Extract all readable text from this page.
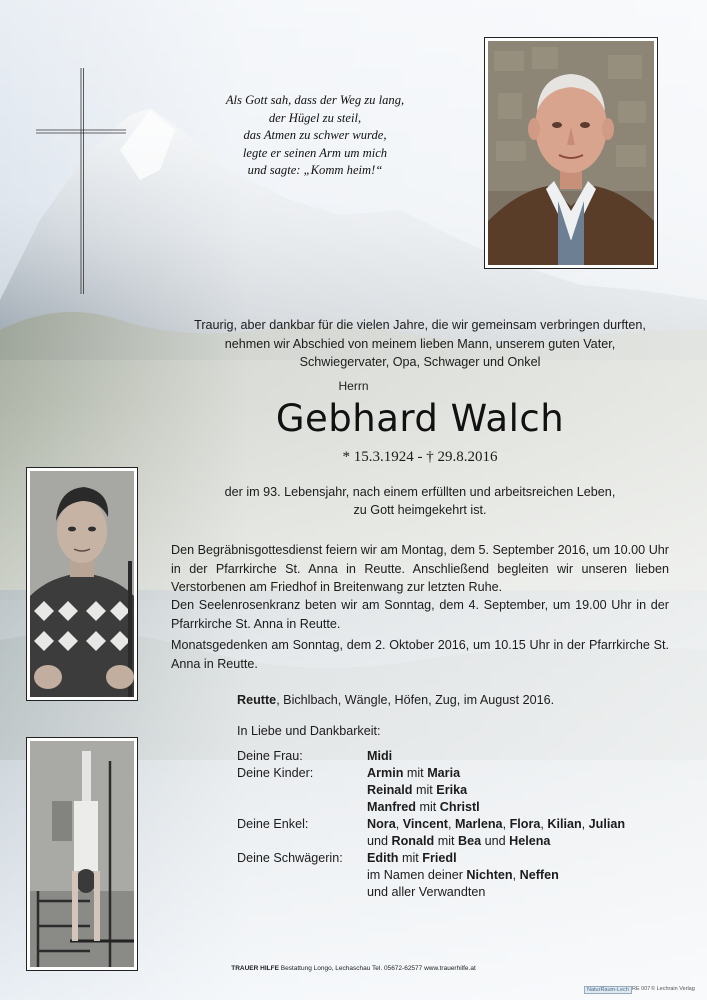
Als Gott sah, dass der Weg zu lang,
der Hügel zu steil,
das Atmen zu schwer wurde,
legte er seinen Arm um mich
und sagte: „Komm heim!“
Traurig, aber dankbar für die vielen Jahre, die wir gemeinsam verbringen durften,
nehmen wir Abschied von meinem lieben Mann, unserem guten Vater,
Schwiegervater, Opa, Schwager und Onkel
Herrn
Gebhard Walch
* 15.3.1924 - † 29.8.2016
der im 93. Lebensjahr, nach einem erfüllten und arbeitsreichen Leben,
zu Gott heimgekehrt ist.
Den Begräbnisgottesdienst feiern wir am Montag, dem 5. September 2016, um 10.00 Uhr in der Pfarrkirche St. Anna in Reutte. Anschließend begleiten wir unseren lieben Verstorbenen am Friedhof in Breitenwang zur letzten Ruhe.
Den Seelenrosenkranz beten wir am Sonntag, dem 4. September, um 19.00 Uhr in der Pfarrkirche St. Anna in Reutte.
Monatsgedenken am Sonntag, dem 2. Oktober 2016, um 10.15 Uhr in der Pfarrkirche St. Anna in Reutte.
Reutte, Bichlbach, Wängle, Höfen, Zug, im August 2016.
In Liebe und Dankbarkeit:
Deine Frau:	Midi
Deine Kinder:	Armin mit Maria
Reinald mit Erika
Manfred mit Christl
Deine Enkel:	Nora, Vincent, Marlena, Flora, Kilian, Julian
und Ronald mit Bea und Helena
Deine Schwägerin:	Edith mit Friedl
im Namen deiner Nichten, Neffen
und aller Verwandten
TRAUER HILFE Bestattung Longo, Lechaschau Tel. 05672-62577 www.trauerhilfe.at
NaturRaum-Lech RE 007 © Lechrain Verlag
